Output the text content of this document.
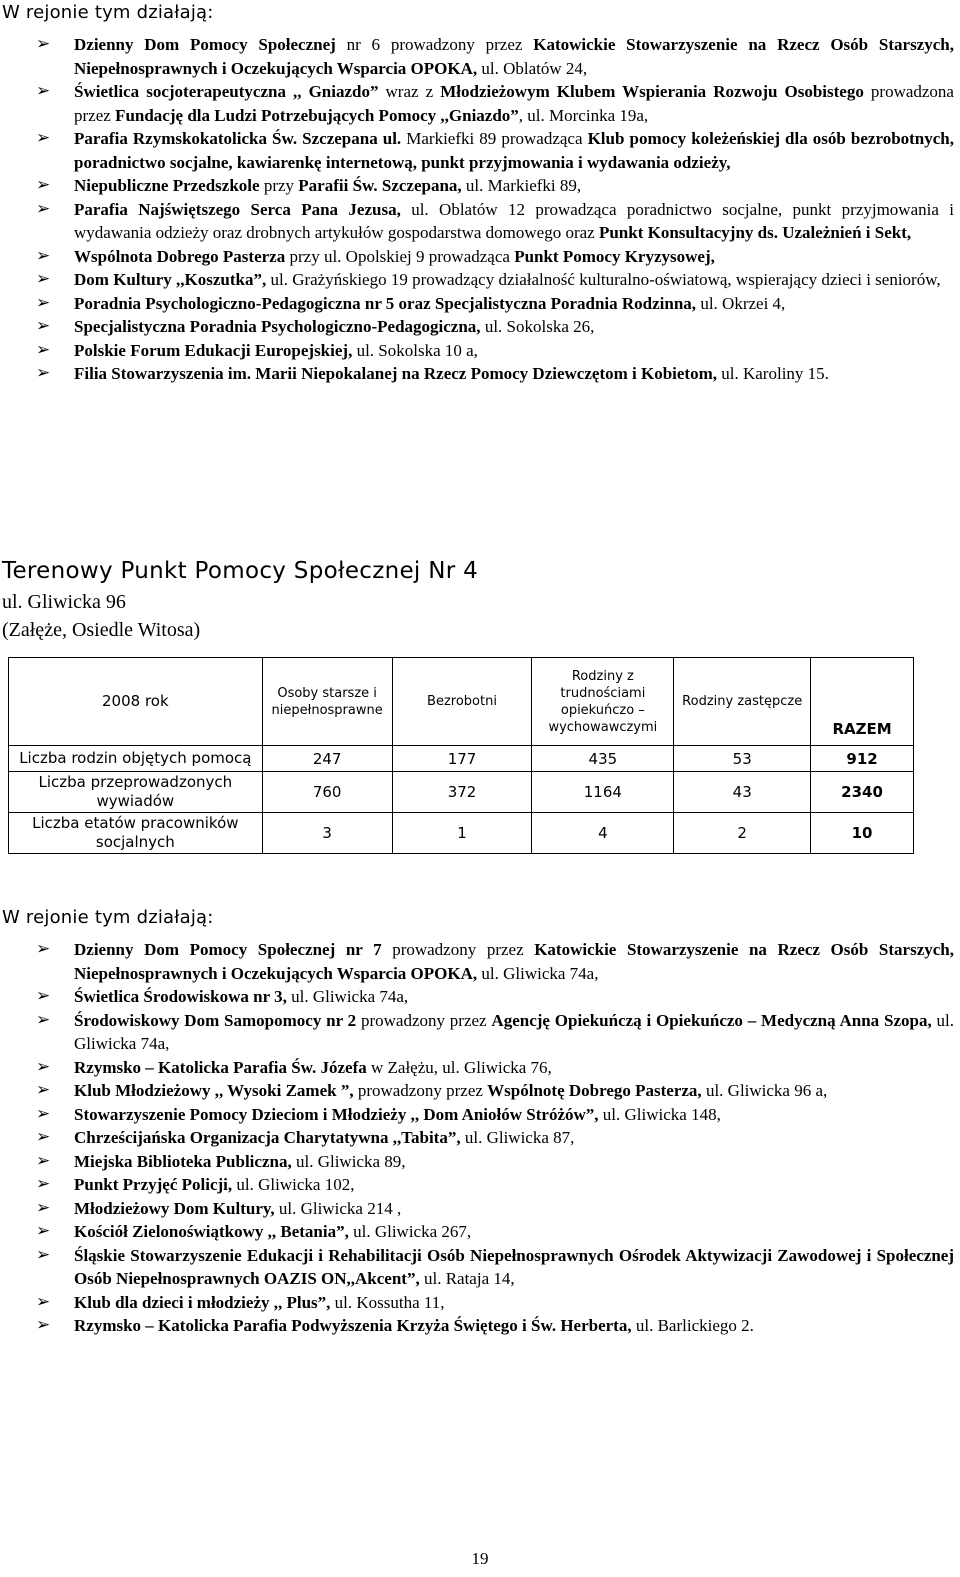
W rejonie tym działają:
➢ Dzienny Dom Pomocy Społecznej nr 6 prowadzony przez Katowickie Stowarzyszenie na Rzecz Osób Starszych, Niepełnosprawnych i Oczekujących Wsparcia OPOKA, ul. Oblatów 24,
➢ Świetlica socjoterapeutyczna ,, Gniazdo” wraz z Młodzieżowym Klubem Wspierania Rozwoju Osobistego prowadzona przez Fundację dla Ludzi Potrzebujących Pomocy ,,Gniazdo”, ul. Morcinka 19a,
➢ Parafia Rzymskokatolicka Św. Szczepana ul. Markiefki 89 prowadząca Klub pomocy koleżeńskiej dla osób bezrobotnych, poradnictwo socjalne, kawiarenkę internetową, punkt przyjmowania i wydawania odzieży,
➢ Niepubliczne Przedszkole przy Parafii Św. Szczepana, ul. Markiefki 89,
➢ Parafia Najświętszego Serca Pana Jezusa, ul. Oblatów 12 prowadząca poradnictwo socjalne, punkt przyjmowania i wydawania odzieży oraz drobnych artykułów gospodarstwa domowego oraz Punkt Konsultacyjny ds. Uzależnień i Sekt,
➢ Wspólnota Dobrego Pasterza przy ul. Opolskiej 9 prowadząca Punkt Pomocy Kryzysowej,
➢ Dom Kultury ,,Koszutka”, ul. Grażyńskiego 19 prowadzący działalność kulturalno-oświatową, wspierający dzieci i seniorów,
➢ Poradnia Psychologiczno-Pedagogiczna nr 5 oraz Specjalistyczna Poradnia Rodzinna, ul. Okrzei 4,
➢ Specjalistyczna Poradnia Psychologiczno-Pedagogiczna, ul. Sokolska 26,
➢ Polskie Forum Edukacji Europejskiej, ul. Sokolska 10 a,
➢ Filia Stowarzyszenia im. Marii Niepokalanej na Rzecz Pomocy Dziewczętom i Kobietom, ul. Karoliny 15.
Terenowy Punkt Pomocy Społecznej Nr 4
ul. Gliwicka 96
(Załęże, Osiedle Witosa)
2008 rok	Osoby starsze i niepełnosprawne	Bezrobotni	Rodziny z trudnościami opiekuńczo – wychowawczymi	Rodziny zastępcze	RAZEM
Liczba rodzin objętych pomocą	247	177	435	53	912
Liczba przeprowadzonych wywiadów	760	372	1164	43	2340
Liczba etatów pracowników socjalnych	3	1	4	2	10
W rejonie tym działają:
➢ Dzienny Dom Pomocy Społecznej nr 7 prowadzony przez Katowickie Stowarzyszenie na Rzecz Osób Starszych, Niepełnosprawnych i Oczekujących Wsparcia OPOKA, ul. Gliwicka 74a,
➢ Świetlica Środowiskowa nr 3, ul. Gliwicka 74a,
➢ Środowiskowy Dom Samopomocy nr 2 prowadzony przez Agencję Opiekuńczą i Opiekuńczo – Medyczną Anna Szopa, ul. Gliwicka 74a,
➢ Rzymsko – Katolicka Parafia Św. Józefa w Załężu, ul. Gliwicka 76,
➢ Klub Młodzieżowy ,, Wysoki Zamek ”, prowadzony przez Wspólnotę Dobrego Pasterza, ul. Gliwicka 96 a,
➢ Stowarzyszenie Pomocy Dzieciom i Młodzieży ,, Dom Aniołów Stróżów”, ul. Gliwicka 148,
➢ Chrześcijańska Organizacja Charytatywna ,,Tabita”, ul. Gliwicka 87,
➢ Miejska Biblioteka Publiczna, ul. Gliwicka 89,
➢ Punkt Przyjęć Policji, ul. Gliwicka 102,
➢ Młodzieżowy Dom Kultury, ul. Gliwicka 214 ,
➢ Kościół Zielonoświątkowy ,, Betania”, ul. Gliwicka 267,
➢ Śląskie Stowarzyszenie Edukacji i Rehabilitacji Osób Niepełnosprawnych Ośrodek Aktywizacji Zawodowej i Społecznej Osób Niepełnosprawnych OAZIS ON,,Akcent”, ul. Rataja 14,
➢ Klub dla dzieci i młodzieży ,, Plus”, ul. Kossutha 11,
➢ Rzymsko – Katolicka Parafia Podwyższenia Krzyża Świętego i Św. Herberta, ul. Barlickiego 2.
19
